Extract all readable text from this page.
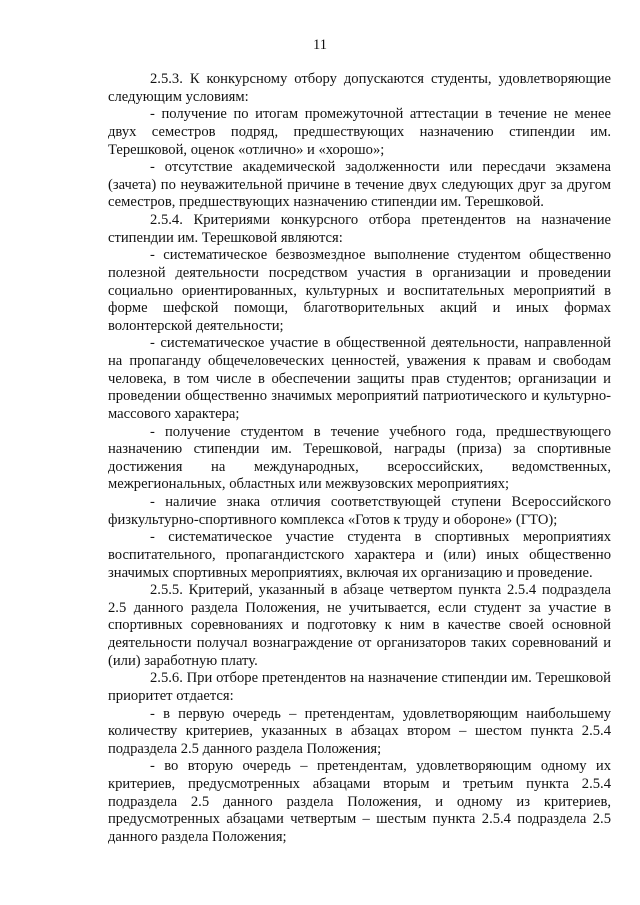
11

2.5.3. К конкурсному отбору допускаются студенты, удовлетворяющие следующим условиям:

- получение по итогам промежуточной аттестации в течение не менее двух семестров подряд, предшествующих назначению стипендии им. Терешковой, оценок «отлично» и «хорошо»;

- отсутствие академической задолженности или пересдачи экзамена (зачета) по неуважительной причине в течение двух следующих друг за другом семестров, предшествующих назначению стипендии им. Терешковой.

2.5.4. Критериями конкурсного отбора претендентов на назначение стипендии им. Терешковой являются:

- систематическое безвозмездное выполнение студентом общественно полезной деятельности посредством участия в организации и проведении социально ориентированных, культурных и воспитательных мероприятий в форме шефской помощи, благотворительных акций и иных формах волонтерской деятельности;

- систематическое участие в общественной деятельности, направленной на пропаганду общечеловеческих ценностей, уважения к правам и свободам человека, в том числе в обеспечении защиты прав студентов; организации и проведении общественно значимых мероприятий патриотического и культурно-массового характера;

- получение студентом в течение учебного года, предшествующего назначению стипендии им. Терешковой, награды (приза) за спортивные достижения на международных, всероссийских, ведомственных, межрегиональных, областных или межвузовских мероприятиях;

- наличие знака отличия соответствующей ступени Всероссийского физкультурно-спортивного комплекса «Готов к труду и обороне» (ГТО);

- систематическое участие студента в спортивных мероприятиях воспитательного, пропагандистского характера и (или) иных общественно значимых спортивных мероприятиях, включая их организацию и проведение.

2.5.5. Критерий, указанный в абзаце четвертом пункта 2.5.4 подраздела 2.5 данного раздела Положения, не учитывается, если студент за участие в спортивных соревнованиях и подготовку к ним в качестве своей основной деятельности получал вознаграждение от организаторов таких соревнований и (или) заработную плату.

2.5.6. При отборе претендентов на назначение стипендии им. Терешковой приоритет отдается:

- в первую очередь – претендентам, удовлетворяющим наибольшему количеству критериев, указанных в абзацах втором – шестом пункта 2.5.4 подраздела 2.5 данного раздела Положения;

- во вторую очередь – претендентам, удовлетворяющим одному их критериев, предусмотренных абзацами вторым и третьим пункта 2.5.4 подраздела 2.5 данного раздела Положения, и одному из критериев, предусмотренных абзацами четвертым – шестым пункта 2.5.4 подраздела 2.5 данного раздела Положения;
